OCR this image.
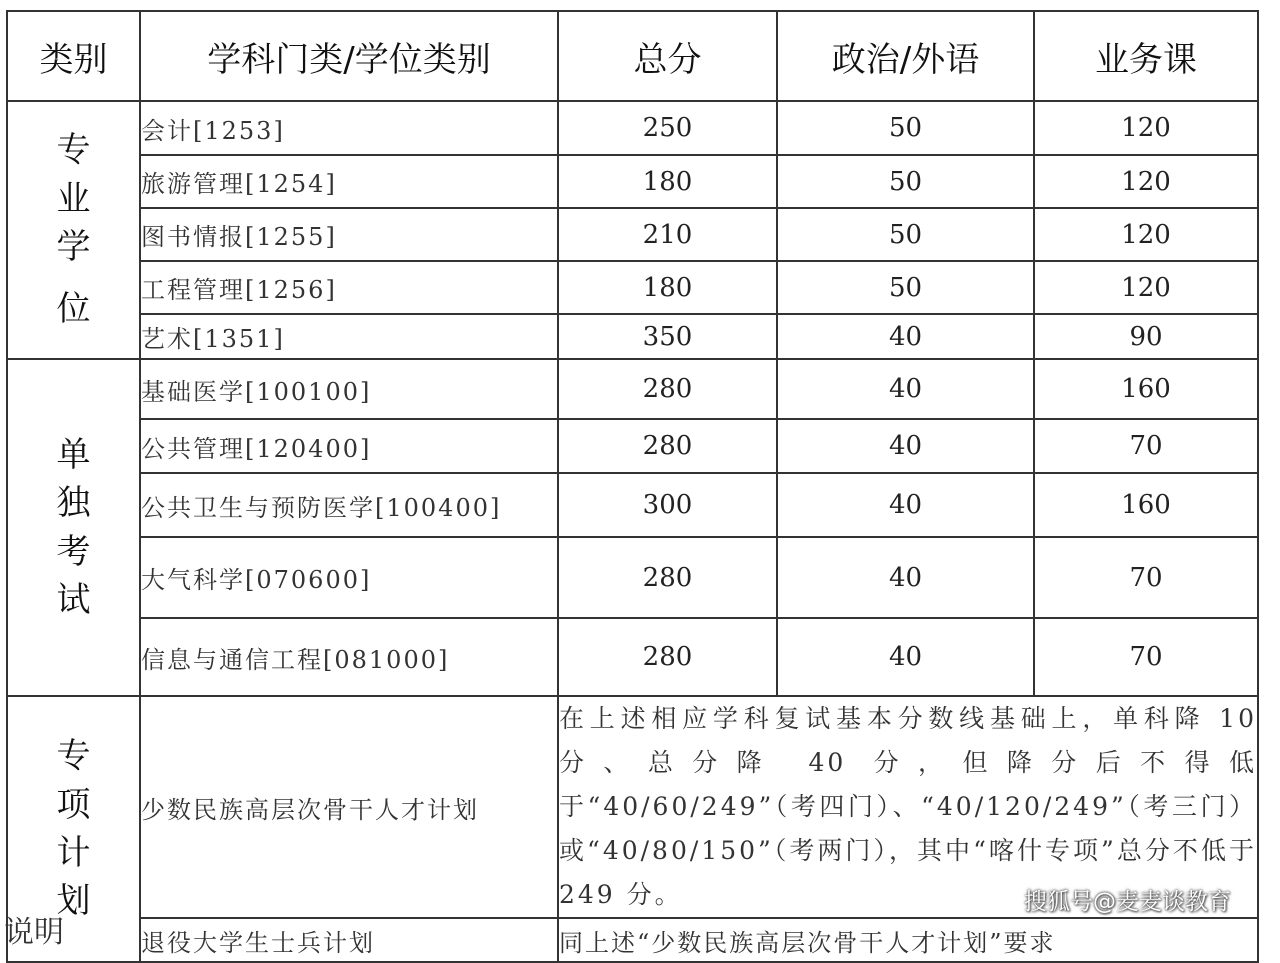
类别	学科门类/学位类别	总分	政治/外语	业务课

专
业
学
位	会计[1253]	250	50	120
	旅游管理[1254]	180	50	120
	图书情报[1255]	210	50	120
	工程管理[1256]	180	50	120
	艺术[1351]	350	40	90

单
独
考
试	基础医学[100100]	280	40	160
	公共管理[120400]	280	40	70
	公共卫生与预防医学[100400]	300	40	160
	大气科学[070600]	280	40	70
	信息与通信工程[081000]	280	40	70

专
项
计
划	少数民族高层次骨干人才计划	在上述相应学科复试基本分数线基础上，单科降 10 分、总分降 40 分，但降分后不得低于“40/60/249”（考四门）、“40/120/249”（考三门）或“40/80/150”（考两门），其中“喀什专项”总分不低于 249 分。		
	退役大学生士兵计划	同上述“少数民族高层次骨干人才计划”要求		
搜狐号@麦麦谈教育
说明
